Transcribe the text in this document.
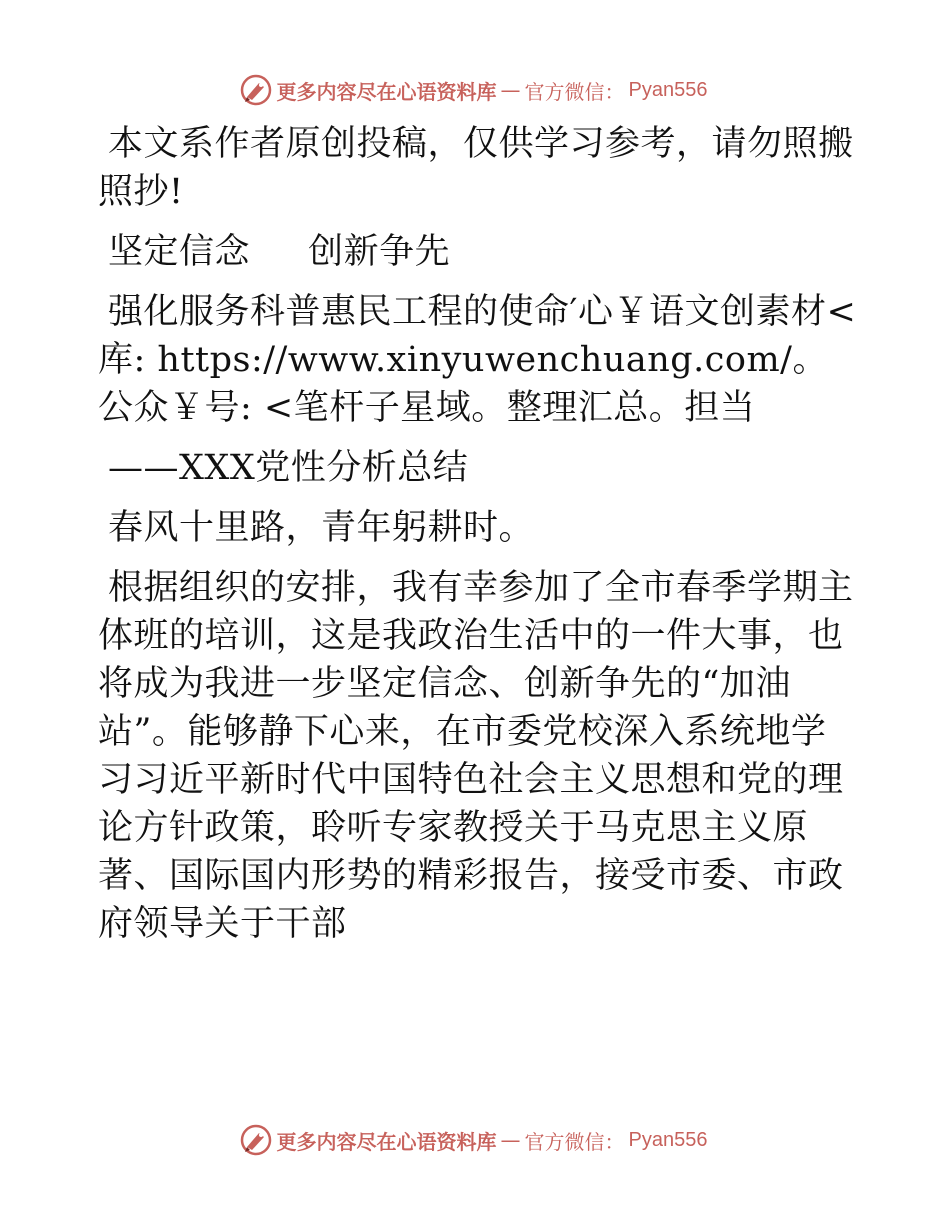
更多内容尽在心语资料库 — 官方微信： Pyan556

本文系作者原创投稿，仅供学习参考，请勿照搬照抄!

坚定信念     创新争先

强化服务科普惠民工程的使命′心￥语文创素材<库: https://www.xinyuwenchuang.com/。公众￥号: <笔杆子星域。整理汇总。担当

——XXX党性分析总结

春风十里路，青年躬耕时。

根据组织的安排，我有幸参加了全市春季学期主体班的培训，这是我政治生活中的一件大事，也将成为我进一步坚定信念、创新争先的“加油站”。能够静下心来，在市委党校深入系统地学习习近平新时代中国特色社会主义思想和党的理论方针政策，聆听专家教授关于马克思主义原著、国际国内形势的精彩报告，接受市委、市政府领导关于干部

更多内容尽在心语资料库 — 官方微信： Pyan556
